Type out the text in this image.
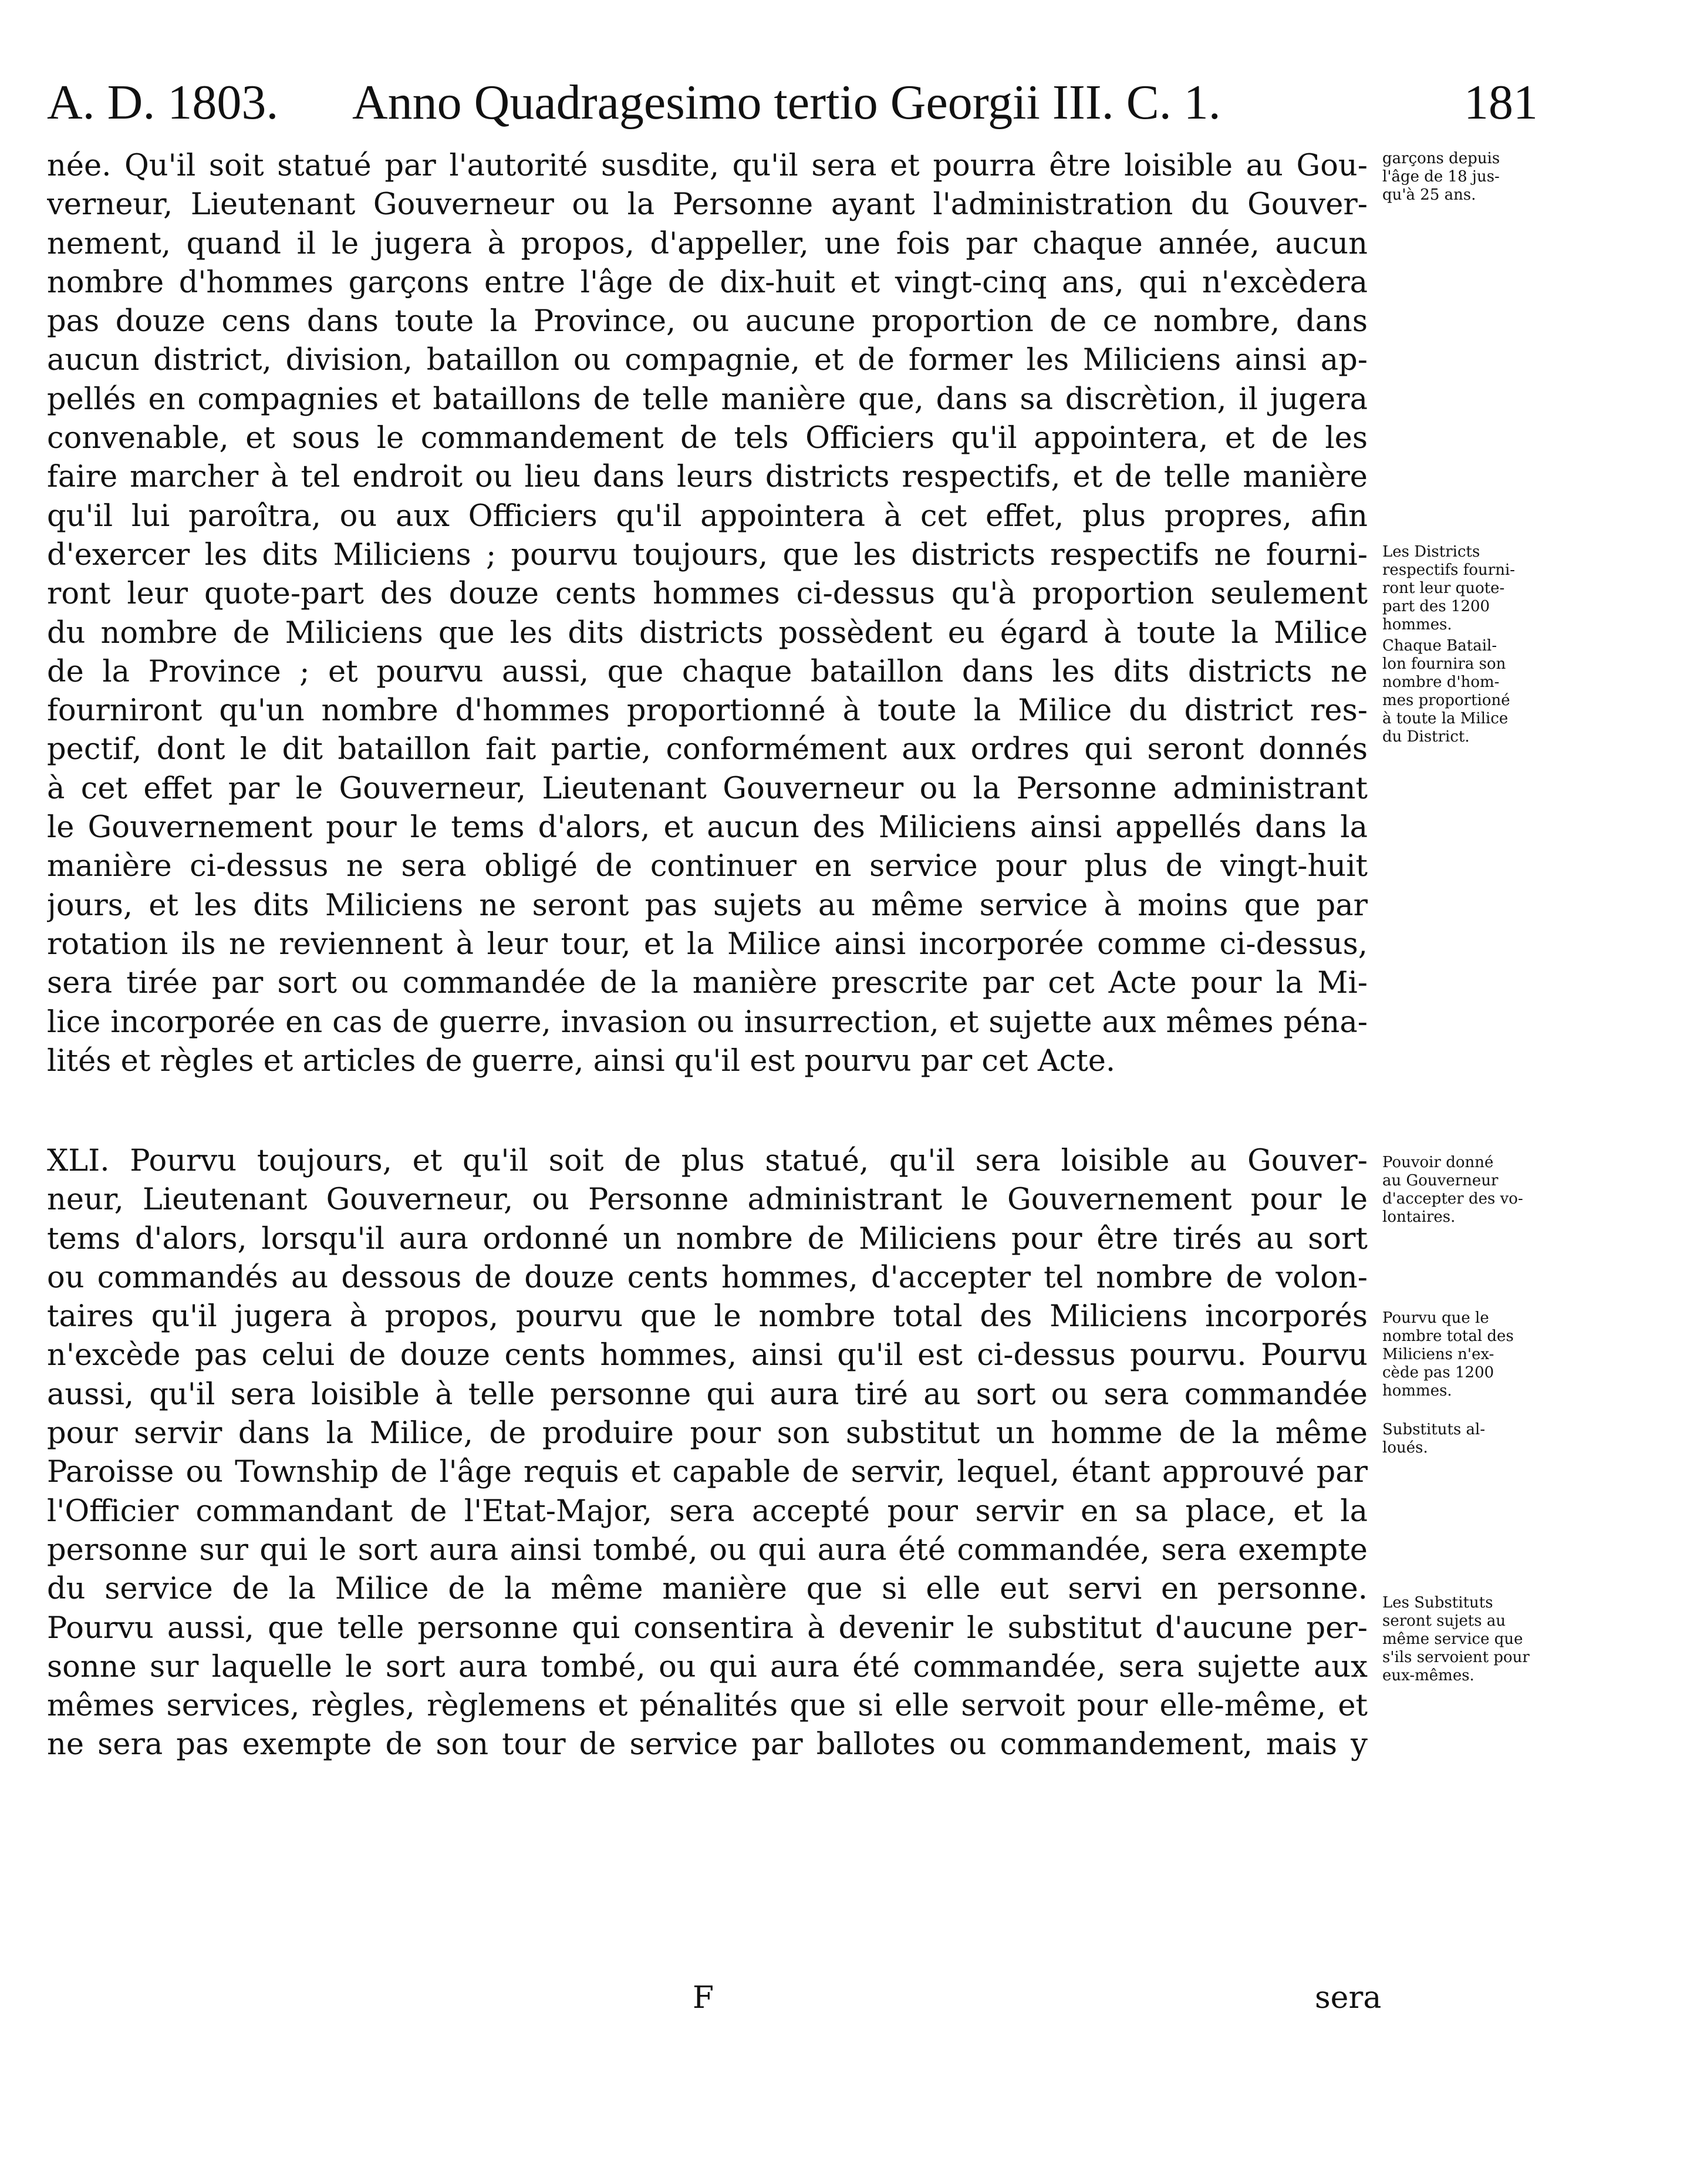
A. D. 1803. Anno Quadragesimo tertio Georgii III. C. 1.	181
née. Qu'il soit statué par l'autorité susdite, qu'il sera et pourra être loisible au Gou-
verneur, Lieutenant Gouverneur ou la Personne ayant l'administration du Gouver-
nement, quand il le jugera à propos, d'appeller, une fois par chaque année, aucun
nombre d'hommes garçons entre l'âge de dix-huit et vingt-cinq ans, qui n'excèdera
pas douze cens dans toute la Province, ou aucune proportion de ce nombre, dans
aucun district, division, bataillon ou compagnie, et de former les Miliciens ainsi ap-
pellés en compagnies et bataillons de telle manière que, dans sa discrètion, il jugera
convenable, et sous le commandement de tels Officiers qu'il appointera, et de les
faire marcher à tel endroit ou lieu dans leurs districts respectifs, et de telle manière
qu'il lui paroîtra, ou aux Officiers qu'il appointera à cet effet, plus propres, afin
d'exercer les dits Miliciens ; pourvu toujours, que les districts respectifs ne fourni-
ront leur quote-part des douze cents hommes ci-dessus qu'à proportion seulement
du nombre de Miliciens que les dits districts possèdent eu égard à toute la Milice
de la Province ; et pourvu aussi, que chaque bataillon dans les dits districts ne
fourniront qu'un nombre d'hommes proportionné à toute la Milice du district res-
pectif, dont le dit bataillon fait partie, conformément aux ordres qui seront donnés
à cet effet par le Gouverneur, Lieutenant Gouverneur ou la Personne administrant
le Gouvernement pour le tems d'alors, et aucun des Miliciens ainsi appellés dans la
manière ci-dessus ne sera obligé de continuer en service pour plus de vingt-huit
jours, et les dits Miliciens ne seront pas sujets au même service à moins que par
rotation ils ne reviennent à leur tour, et la Milice ainsi incorporée comme ci-dessus,
sera tirée par sort ou commandée de la manière prescrite par cet Acte pour la Mi-
lice incorporée en cas de guerre, invasion ou insurrection, et sujette aux mêmes péna-
lités et règles et articles de guerre, ainsi qu'il est pourvu par cet Acte.
XLI. Pourvu toujours, et qu'il soit de plus statué, qu'il sera loisible au Gouver-
neur, Lieutenant Gouverneur, ou Personne administrant le Gouvernement pour le
tems d'alors, lorsqu'il aura ordonné un nombre de Miliciens pour être tirés au sort
ou commandés au dessous de douze cents hommes, d'accepter tel nombre de volon-
taires qu'il jugera à propos, pourvu que le nombre total des Miliciens incorporés
n'excède pas celui de douze cents hommes, ainsi qu'il est ci-dessus pourvu. Pourvu
aussi, qu'il sera loisible à telle personne qui aura tiré au sort ou sera commandée
pour servir dans la Milice, de produire pour son substitut un homme de la même
Paroisse ou Township de l'âge requis et capable de servir, lequel, étant approuvé par
l'Officier commandant de l'Etat-Major, sera accepté pour servir en sa place, et la
personne sur qui le sort aura ainsi tombé, ou qui aura été commandée, sera exempte
du service de la Milice de la même manière que si elle eut servi en personne.
Pourvu aussi, que telle personne qui consentira à devenir le substitut d'aucune per-
sonne sur laquelle le sort aura tombé, ou qui aura été commandée, sera sujette aux
mêmes services, règles, règlemens et pénalités que si elle servoit pour elle-même, et
ne sera pas exempte de son tour de service par ballotes ou commandement, mais y
garçons depuis
l'âge de 18 jus-
qu'à 25 ans.
Les Districts
respectifs fourni-
ront leur quote-
part des 1200
hommes.
Chaque Batail-
lon fournira son
nombre d'hom-
mes proportioné
à toute la Milice
du District.
Pouvoir donné
au Gouverneur
d'accepter des vo-
lontaires.
Pourvu que le
nombre total des
Miliciens n'ex-
cède pas 1200
hommes.
Substituts al-
loués.
Les Substituts
seront sujets au
même service que
s'ils servoient pour
eux-mêmes.
F	sera
